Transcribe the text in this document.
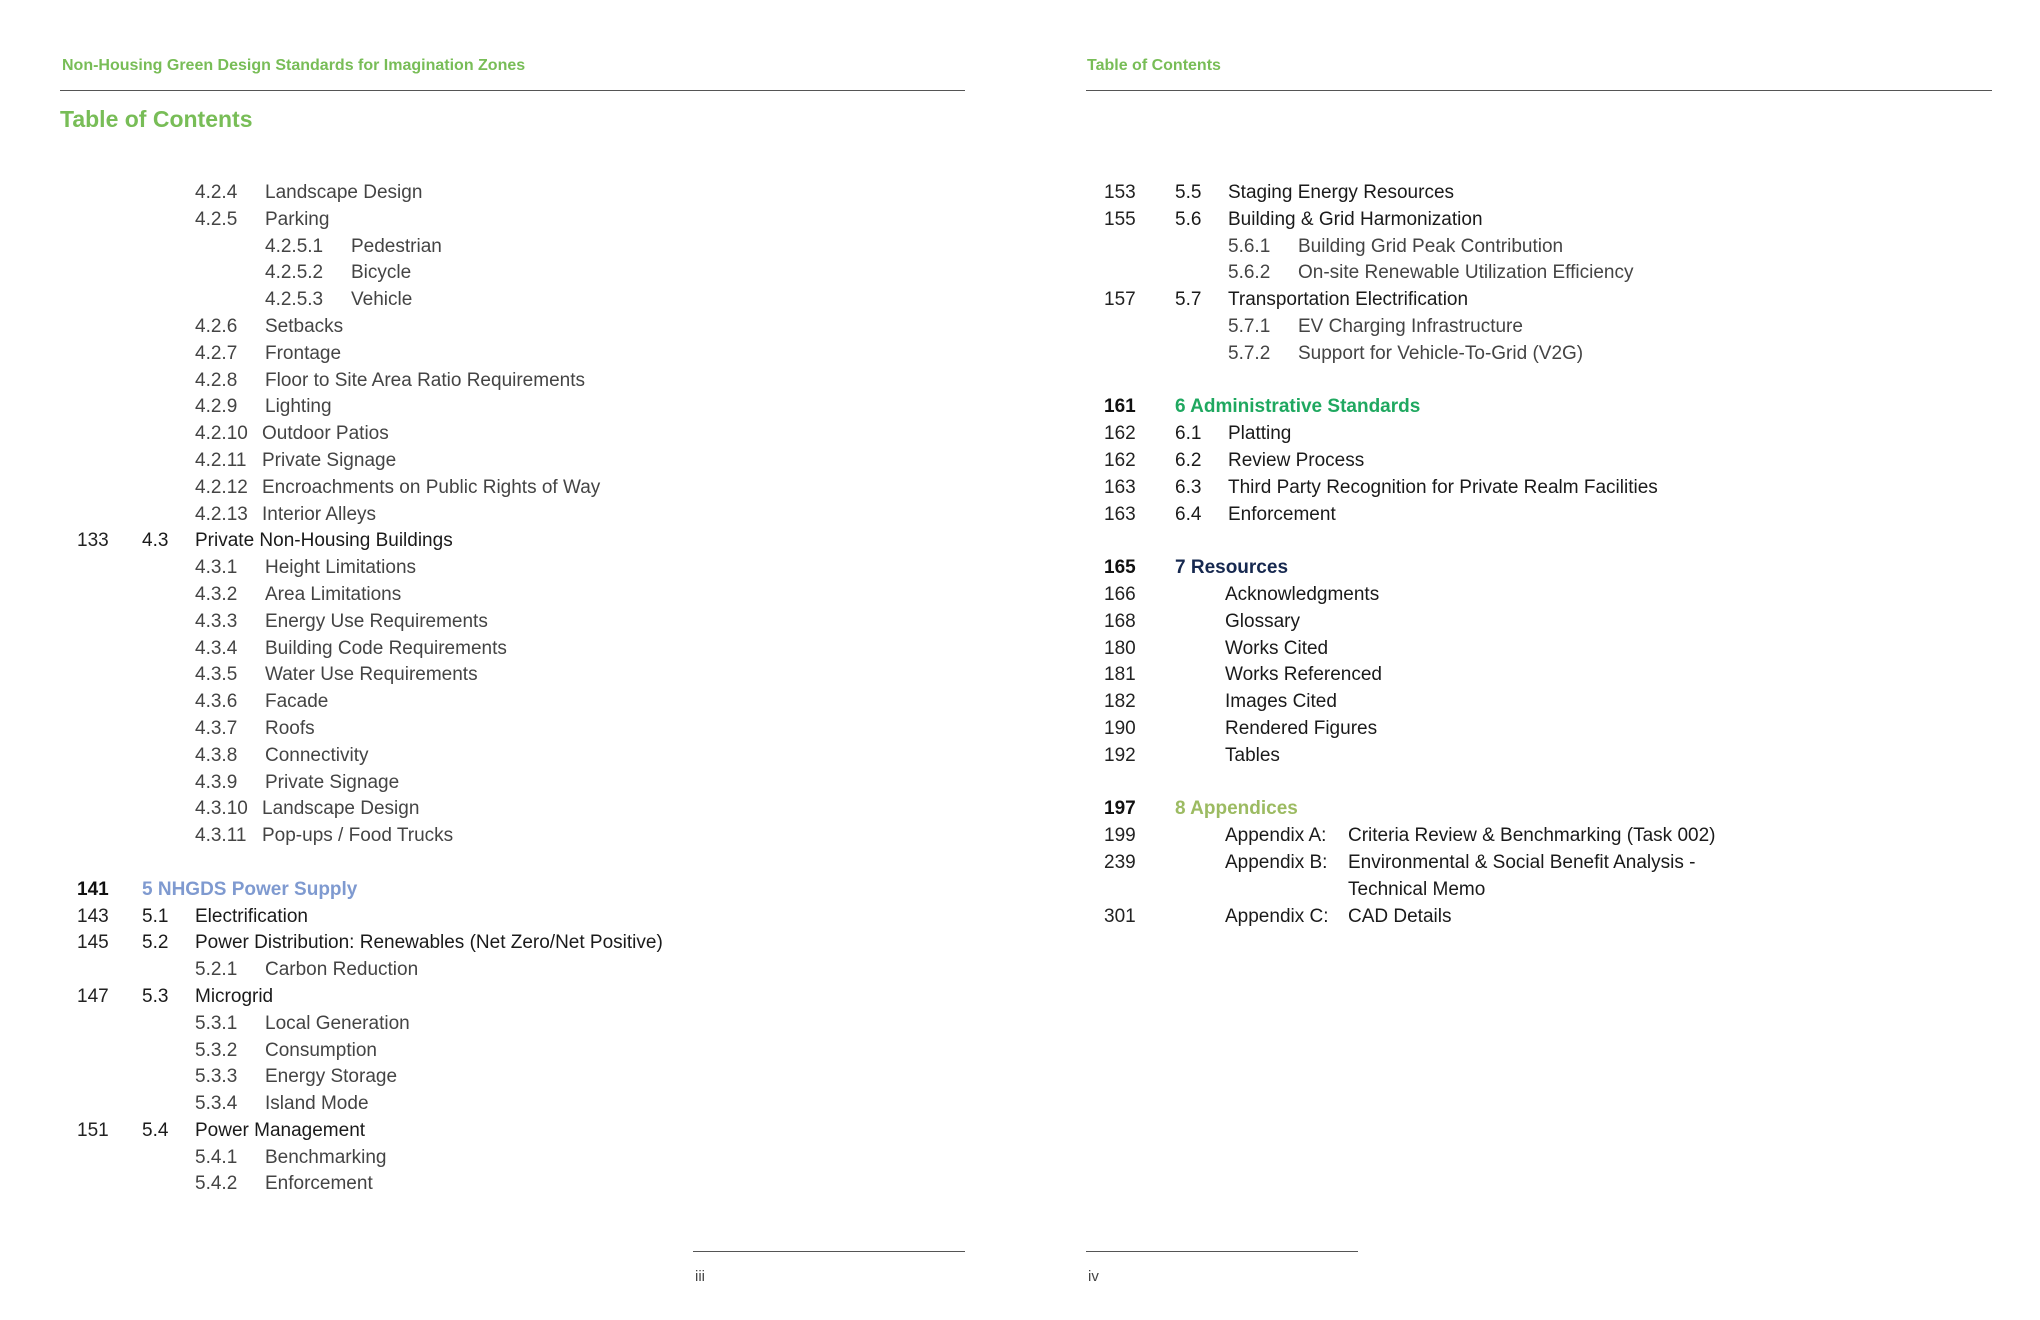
Non-Housing Green Design Standards for Imagination Zones
Table of Contents
4.2.4 Landscape Design
4.2.5 Parking
4.2.5.1 Pedestrian
4.2.5.2 Bicycle
4.2.5.3 Vehicle
4.2.6 Setbacks
4.2.7 Frontage
4.2.8 Floor to Site Area Ratio Requirements
4.2.9 Lighting
4.2.10 Outdoor Patios
4.2.11 Private Signage
4.2.12 Encroachments on Public Rights of Way
4.2.13 Interior Alleys
133 4.3 Private Non-Housing Buildings
4.3.1 Height Limitations
4.3.2 Area Limitations
4.3.3 Energy Use Requirements
4.3.4 Building Code Requirements
4.3.5 Water Use Requirements
4.3.6 Facade
4.3.7 Roofs
4.3.8 Connectivity
4.3.9 Private Signage
4.3.10 Landscape Design
4.3.11 Pop-ups / Food Trucks
141 5 NHGDS Power Supply
143 5.1 Electrification
145 5.2 Power Distribution: Renewables (Net Zero/Net Positive)
5.2.1 Carbon Reduction
147 5.3 Microgrid
5.3.1 Local Generation
5.3.2 Consumption
5.3.3 Energy Storage
5.3.4 Island Mode
151 5.4 Power Management
5.4.1 Benchmarking
5.4.2 Enforcement
iii
Table of Contents
153 5.5 Staging Energy Resources
155 5.6 Building & Grid Harmonization
5.6.1 Building Grid Peak Contribution
5.6.2 On-site Renewable Utilization Efficiency
157 5.7 Transportation Electrification
5.7.1 EV Charging Infrastructure
5.7.2 Support for Vehicle-To-Grid (V2G)
161 6 Administrative Standards
162 6.1 Platting
162 6.2 Review Process
163 6.3 Third Party Recognition for Private Realm Facilities
163 6.4 Enforcement
165 7 Resources
166	Acknowledgments
168	Glossary
180	Works Cited
181	Works Referenced
182	Images Cited
190	Rendered Figures
192	Tables
197 8 Appendices
199	Appendix A: Criteria Review & Benchmarking (Task 002)
239	Appendix B: Environmental & Social Benefit Analysis -
Technical Memo
301	Appendix C: CAD Details
iv
